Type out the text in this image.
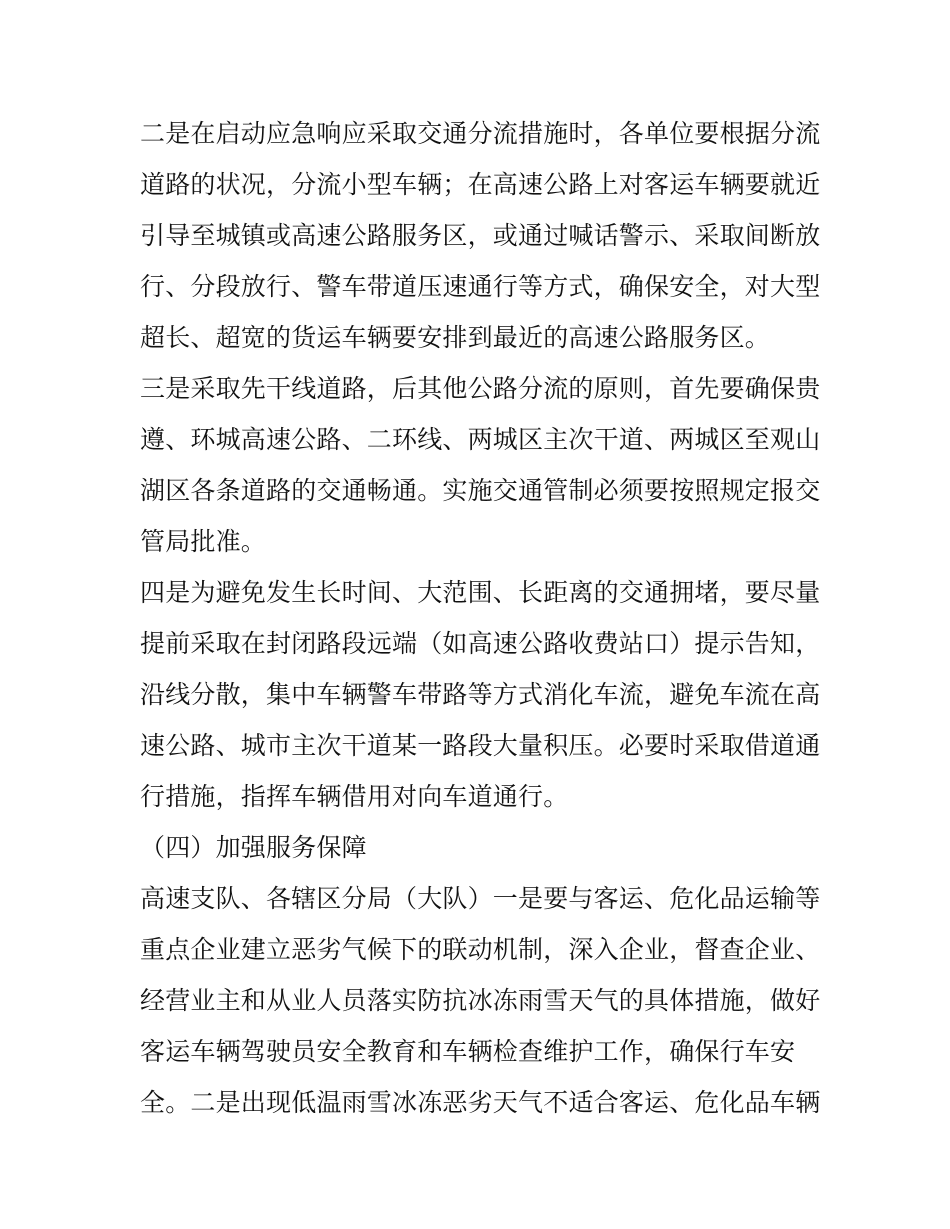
二是在启动应急响应采取交通分流措施时，各单位要根据分流
道路的状况，分流小型车辆；在高速公路上对客运车辆要就近
引导至城镇或高速公路服务区，或通过喊话警示、采取间断放
行、分段放行、警车带道压速通行等方式，确保安全，对大型
超长、超宽的货运车辆要安排到最近的高速公路服务区。
三是采取先干线道路，后其他公路分流的原则，首先要确保贵
遵、环城高速公路、二环线、两城区主次干道、两城区至观山
湖区各条道路的交通畅通。实施交通管制必须要按照规定报交
管局批准。
四是为避免发生长时间、大范围、长距离的交通拥堵，要尽量
提前采取在封闭路段远端（如高速公路收费站口）提示告知，
沿线分散，集中车辆警车带路等方式消化车流，避免车流在高
速公路、城市主次干道某一路段大量积压。必要时采取借道通
行措施，指挥车辆借用对向车道通行。
（四）加强服务保障
高速支队、各辖区分局（大队）一是要与客运、危化品运输等
重点企业建立恶劣气候下的联动机制，深入企业，督查企业、
经营业主和从业人员落实防抗冰冻雨雪天气的具体措施，做好
客运车辆驾驶员安全教育和车辆检查维护工作，确保行车安
全。二是出现低温雨雪冰冻恶劣天气不适合客运、危化品车辆
